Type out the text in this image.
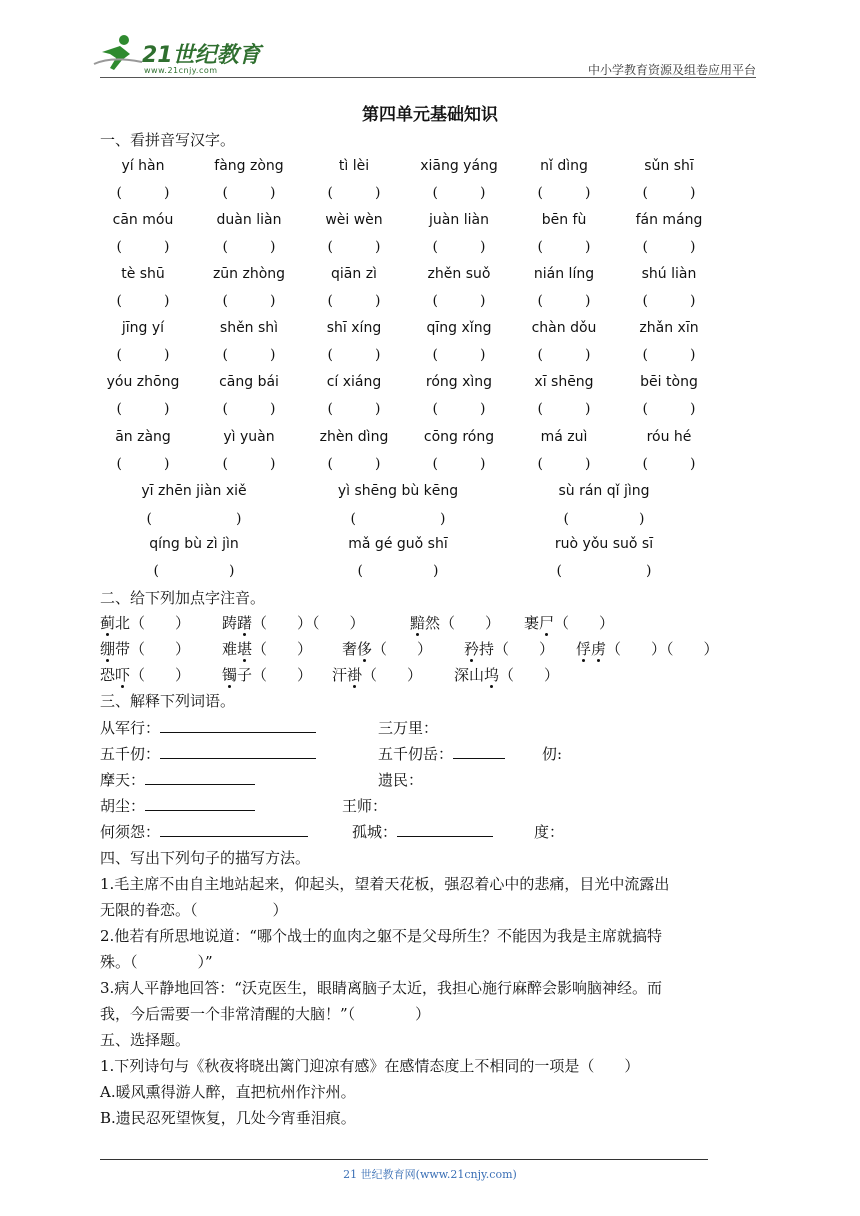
21世纪教育
www.21cnjy.com	中小学教育资源及组卷应用平台
第四单元基础知识
一、看拼音写汉字。
yí hàn	fàng zòng	tì lèi	xiāng yáng	nǐ dìng	sǔn shī
(　　　)	(　　　)	(　　　)	(　　　)	(　　　)	(　　　)
cān móu	duàn liàn	wèi wèn	juàn liàn	bēn fù	fán máng
(　　　)	(　　　)	(　　　)	(　　　)	(　　　)	(　　　)
tè shū	zūn zhòng	qiān zì	zhěn suǒ	nián líng	shú liàn
(　　　)	(　　　)	(　　　)	(　　　)	(　　　)	(　　　)
jīng yí	shěn shì	shī xíng	qīng xǐng	chàn dǒu	zhǎn xīn
(　　　)	(　　　)	(　　　)	(　　　)	(　　　)	(　　　)
yóu zhōng	cāng bái	cí xiáng	róng xìng	xī shēng	bēi tòng
(　　　)	(　　　)	(　　　)	(　　　)	(　　　)	(　　　)
ān zàng	yì yuàn	zhèn dìng	cōng róng	má zuì	róu hé
(　　　)	(　　　)	(　　　)	(　　　)	(　　　)	(　　　)
yī zhēn jiàn xiě	yì shēng bù kēng	sù rán qǐ jìng
(　　　　　　)	(　　　　　　)	(　　　　　)
qíng bù zì jìn	mǎ gé guǒ shī	ruò yǒu suǒ sī
(　　　　　)	(　　　　　)	(　　　　　　)
二、给下列加点字注音。
蓟北（　　） 踌躇（　　）（　　）	黯然（　　） 裹尸（　　）
绷带（　　） 难堪（　　） 奢侈（　　） 矜持（　　） 俘虏（　　）（　　）
恐吓（　　） 镯子（　　） 汗褂（　　） 深山坞（　　）
三、解释下列词语。
从军行：	三万里：
五千仞：	五千仞岳：	仞:
摩天：	遗民：
胡尘：	王师：
何须怨：	孤城：	度：
四、写出下列句子的描写方法。
1.毛主席不由自主地站起来，仰起头，望着天花板，强忍着心中的悲痛，目光中流露出
无限的眷恋。（　　　　　）
2.他若有所思地说道：“哪个战士的血肉之躯不是父母所生？不能因为我是主席就搞特
殊。（　　　　）”
3.病人平静地回答：“沃克医生，眼睛离脑子太近，我担心施行麻醉会影响脑神经。而
我，今后需要一个非常清醒的大脑！”（　　　　）
五、选择题。
1.下列诗句与《秋夜将晓出篱门迎凉有感》在感情态度上不相同的一项是（　　）
A.暖风熏得游人醉，直把杭州作汴州。
B.遗民忍死望恢复，几处今宵垂泪痕。
21 世纪教育网(www.21cnjy.com)
